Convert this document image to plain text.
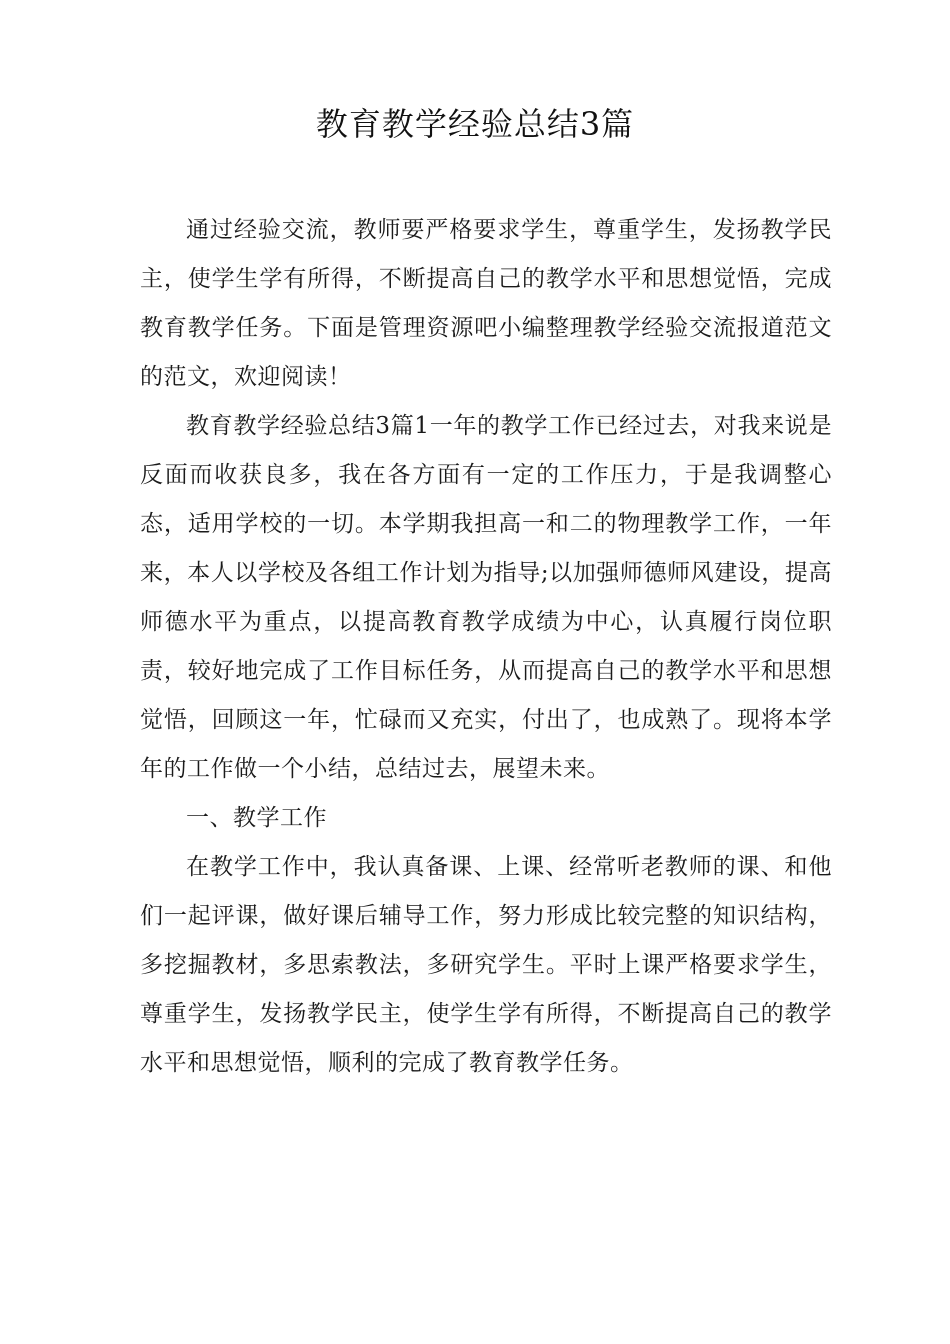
教育教学经验总结3篇

通过经验交流，教师要严格要求学生，尊重学生，发扬教学民主，使学生学有所得，不断提高自己的教学水平和思想觉悟，完成教育教学任务。下面是管理资源吧小编整理教学经验交流报道范文的范文，欢迎阅读！

教育教学经验总结3篇1一年的教学工作已经过去，对我来说是反面而收获良多，我在各方面有一定的工作压力，于是我调整心态，适用学校的一切。本学期我担高一和二的物理教学工作，一年来，本人以学校及各组工作计划为指导;以加强师德师风建设，提高师德水平为重点，以提高教育教学成绩为中心，认真履行岗位职责，较好地完成了工作目标任务，从而提高自己的教学水平和思想觉悟，回顾这一年，忙碌而又充实，付出了，也成熟了。现将本学年的工作做一个小结，总结过去，展望未来。

一、教学工作

在教学工作中，我认真备课、上课、经常听老教师的课、和他们一起评课，做好课后辅导工作，努力形成比较完整的知识结构，多挖掘教材，多思索教法，多研究学生。平时上课严格要求学生，尊重学生，发扬教学民主，使学生学有所得，不断提高自己的教学水平和思想觉悟，顺利的完成了教育教学任务。
